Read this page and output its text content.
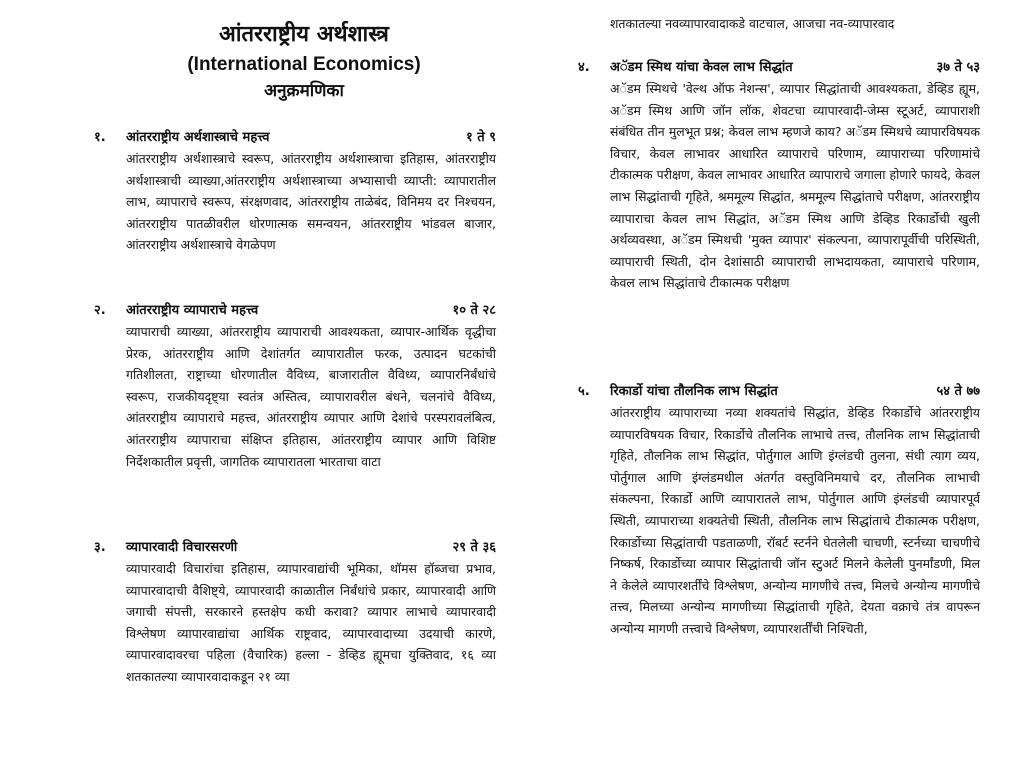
आंतरराष्ट्रीय अर्थशास्त्र
(International Economics)
अनुक्रमणिका
१.	आंतरराष्ट्रीय अर्थशास्त्राचे महत्त्व	१ ते ९
आंतरराष्ट्रीय अर्थशास्त्राचे स्वरूप, आंतरराष्ट्रीय अर्थशास्त्राचा इतिहास, आंतरराष्ट्रीय अर्थशास्त्राची व्याख्या,आंतरराष्ट्रीय अर्थशास्त्राच्या अभ्यासाची व्याप्ती: व्यापारातील लाभ, व्यापाराचे स्वरूप, संरक्षणवाद, आंतरराष्ट्रीय ताळेबंद, विनिमय दर निश्चयन, आंतरराष्ट्रीय पातळीवरील धोरणात्मक समन्वयन, आंतरराष्ट्रीय भांडवल बाजार, आंतरराष्ट्रीय अर्थशास्त्राचे वेगळेपण
२.	आंतरराष्ट्रीय व्यापाराचे महत्त्व	१० ते २८
व्यापाराची व्याख्या, आंतरराष्ट्रीय व्यापाराची आवश्यकता, व्यापार-आर्थिक वृद्धीचा प्रेरक, आंतरराष्ट्रीय आणि देशांतर्गत व्यापारातील फरक, उत्पादन घटकांची गतिशीलता, राष्ट्राच्या धोरणातील वैविध्य, बाजारातील वैविध्य, व्यापारनिर्बंधांचे स्वरूप, राजकीयदृष्ट्या स्वतंत्र अस्तित्व, व्यापारावरील बंधने, चलनांचे वैविध्य, आंतरराष्ट्रीय व्यापाराचे महत्त्व, आंतरराष्ट्रीय व्यापार आणि देशांचे परस्परावलंबित्व, आंतरराष्ट्रीय व्यापाराचा संक्षिप्त इतिहास, आंतरराष्ट्रीय व्यापार आणि विशिष्ट निर्देशकातील प्रवृत्ती, जागतिक व्यापारातला भारताचा वाटा
३.	व्यापारवादी विचारसरणी	२९ ते ३६
व्यापारवादी विचारांचा इतिहास, व्यापारवाद्यांची भूमिका, थॉमस हॉब्जचा प्रभाव, व्यापारवादाची वैशिष्ट्ये, व्यापारवादी काळातील निर्बंधांचे प्रकार, व्यापारवादी आणि जगाची संपत्ती, सरकारने हस्तक्षेप कधी करावा? व्यापार लाभाचे व्यापारवादी विश्लेषण व्यापारवाद्यांचा आर्थिक राष्ट्रवाद, व्यापारवादाच्या उदयाची कारणे, व्यापारवादावरचा पहिला (वैचारिक) हल्ला - डेव्हिड ह्यूमचा युक्तिवाद, १६ व्या शतकातल्या व्यापारवादाकडून २१ व्या
शतकातल्या नवव्यापारवादाकडे वाटचाल, आजचा नव-व्यापारवाद
४.	अॅडम स्मिथ यांचा केवल लाभ सिद्धांत	३७ ते ५३
अॅडम स्मिथचे 'वेल्थ ऑफ नेशन्स', व्यापार सिद्धांताची आवश्यकता, डेव्हिड ह्यूम, अॅडम स्मिथ आणि जॉन लॉक, शेवटचा व्यापारवादी-जेम्स स्टूअर्ट, व्यापाराशी संबंधित तीन मुलभूत प्रश्न; केवल लाभ म्हणजे काय? अॅडम स्मिथचे व्यापारविषयक विचार, केवल लाभावर आधारित व्यापाराचे परिणाम, व्यापाराच्या परिणामांचे टीकात्मक परीक्षण, केवल लाभावर आधारित व्यापाराचे जगाला होणारे फायदे, केवल लाभ सिद्धांताची गृहिते, श्रममूल्य सिद्धांत, श्रममूल्य सिद्धांताचे परीक्षण, आंतरराष्ट्रीय व्यापाराचा केवल लाभ सिद्धांत, अॅडम स्मिथ आणि डेव्हिड रिकार्डोची खुली अर्थव्यवस्था, अॅडम स्मिथची 'मुक्त व्यापार' संकल्पना, व्यापारापूर्वीची परिस्थिती, व्यापाराची स्थिती, दोन देशांसाठी व्यापाराची लाभदायकता, व्यापाराचे परिणाम, केवल लाभ सिद्धांताचे टीकात्मक परीक्षण
५.	रिकार्डो यांचा तौलनिक लाभ सिद्धांत	५४ ते ७७
आंतरराष्ट्रीय व्यापाराच्या नव्या शक्यतांचे सिद्धांत, डेव्हिड रिकार्डोचे आंतरराष्ट्रीय व्यापारविषयक विचार, रिकार्डोचे तौलनिक लाभाचे तत्त्व, तौलनिक लाभ सिद्धांताची गृहिते, तौलनिक लाभ सिद्धांत, पोर्तुगाल आणि इंग्लंडची तुलना, संधी त्याग व्यय, पोर्तुगाल आणि इंग्लंडमधील अंतर्गत वस्तुविनिमयाचे दर, तौलनिक लाभाची संकल्पना, रिकार्डो आणि व्यापारातले लाभ, पोर्तुगाल आणि इंग्लंडची व्यापारपूर्व स्थिती, व्यापाराच्या शक्यतेची स्थिती, तौलनिक लाभ सिद्धांताचे टीकात्मक परीक्षण, रिकार्डोच्या सिद्धांताची पडताळणी, रॉबर्ट स्टर्नने घेतलेली चाचणी, स्टर्नच्या चाचणीचे निष्कर्ष, रिकार्डोच्या व्यापार सिद्धांताची जॉन स्टुअर्ट मिलने केलेली पुनर्मांडणी, मिल ने केलेले व्यापारशर्तींचे विश्लेषण, अन्योन्य मागणीचे तत्त्व, मिलचे अन्योन्य मागणीचे तत्त्व, मिलच्या अन्योन्य मागणीच्या सिद्धांताची गृहिते, देयता वक्राचे तंत्र वापरून अन्योन्य मागणी तत्त्वाचे विश्लेषण, व्यापारशर्तींची निश्चिती,
